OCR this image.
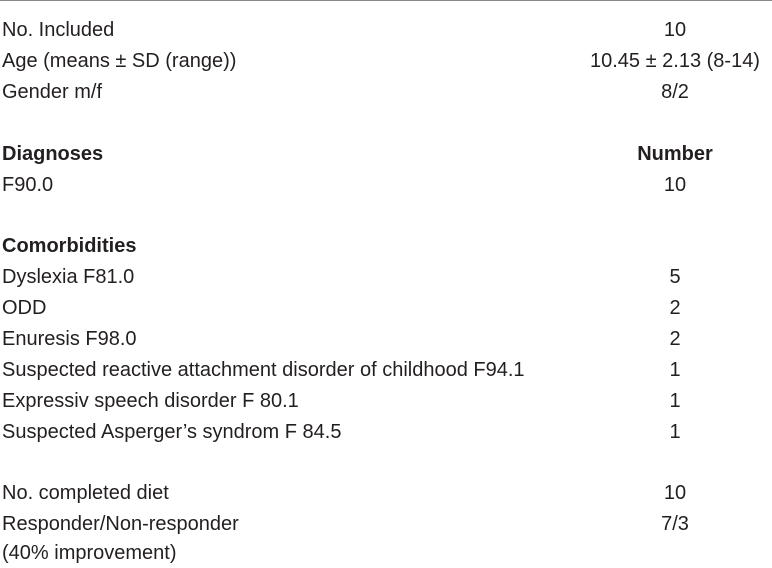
No. Included	10
Age (means ± SD (range))	10.45 ± 2.13 (8-14)
Gender m/f	8/2
Diagnoses	Number
F90.0	10
Comorbidities
Dyslexia F81.0	5
ODD	2
Enuresis F98.0	2
Suspected reactive attachment disorder of childhood F94.1	1
Expressiv speech disorder F 80.1	1
Suspected Asperger’s syndrom F 84.5	1
No. completed diet	10
Responder/Non-responder	7/3
(40% improvement)
